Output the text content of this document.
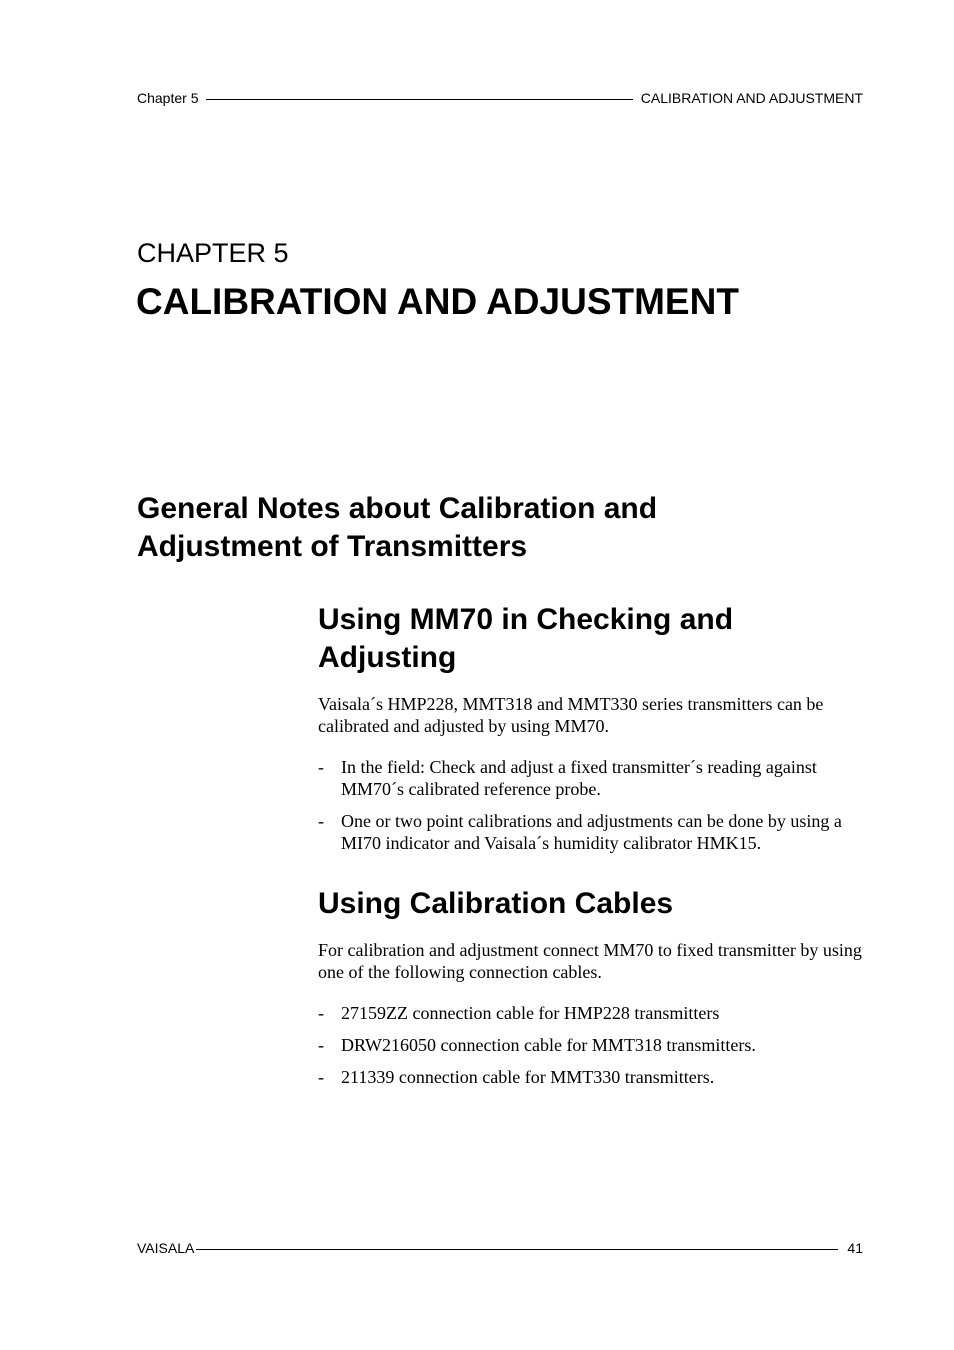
Chapter 5	CALIBRATION AND ADJUSTMENT
CHAPTER 5
CALIBRATION AND ADJUSTMENT
General Notes about Calibration and
Adjustment of Transmitters
Using MM70 in Checking and
Adjusting

Vaisala´s HMP228, MMT318 and MMT330 series transmitters can be calibrated and adjusted by using MM70.

- In the field: Check and adjust a fixed transmitter´s reading against MM70´s calibrated reference probe.
- One or two point calibrations and adjustments can be done by using a MI70 indicator and Vaisala´s humidity calibrator HMK15.
Using Calibration Cables

For calibration and adjustment connect MM70 to fixed transmitter by using one of the following connection cables.

- 27159ZZ connection cable for HMP228 transmitters
- DRW216050 connection cable for MMT318 transmitters.
- 211339 connection cable for MMT330 transmitters.
VAISALA	41
